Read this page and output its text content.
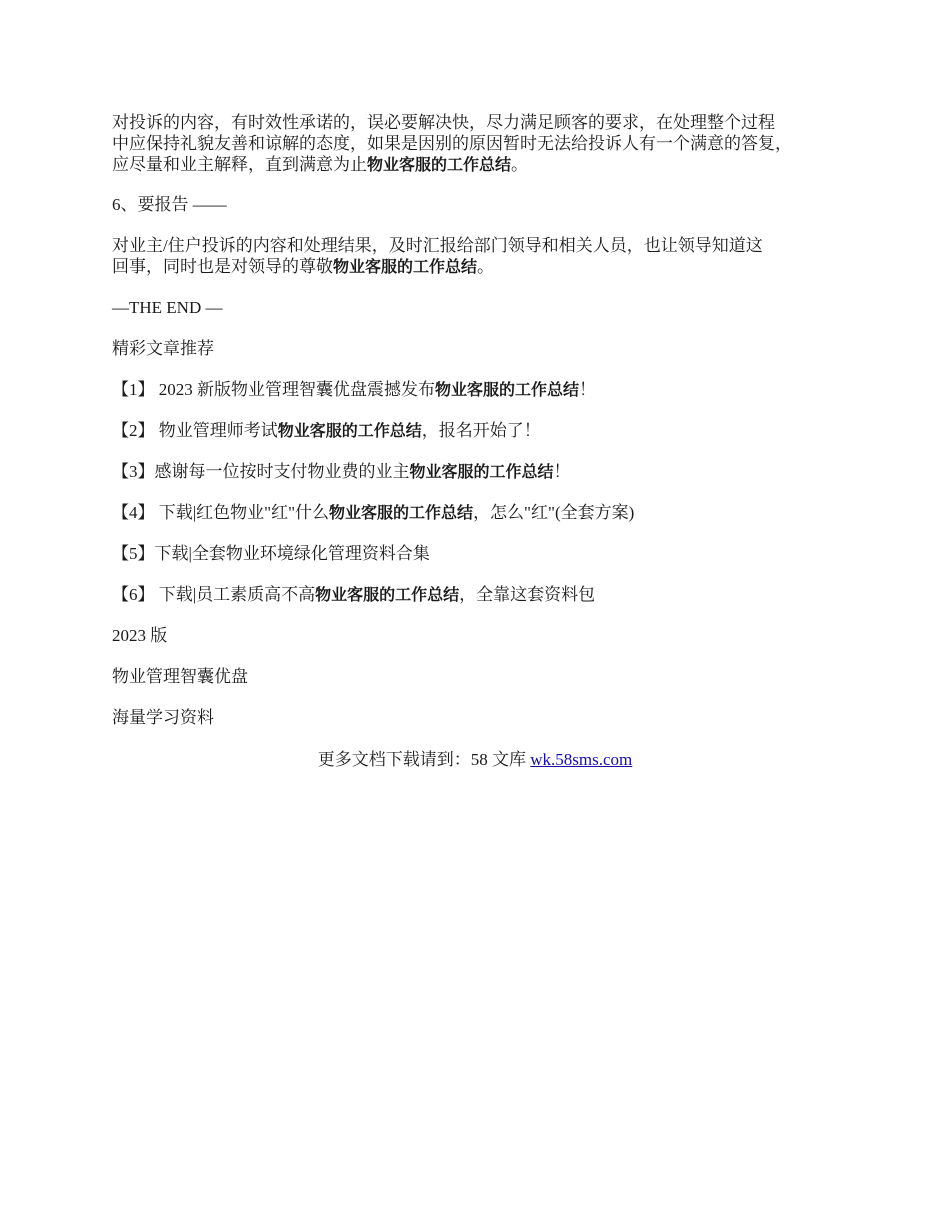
对投诉的内容，有时效性承诺的，误必要解决快，尽力满足顾客的要求，在处理整个过程
中应保持礼貌友善和谅解的态度，如果是因别的原因暂时无法给投诉人有一个满意的答复，
应尽量和业主解释，直到满意为止物业客服的工作总结。

6、要报告 ——

对业主/住户投诉的内容和处理结果，及时汇报给部门领导和相关人员，也让领导知道这
回事，同时也是对领导的尊敬物业客服的工作总结。

—THE END —

精彩文章推荐

【1】 2023 新版物业管理智囊优盘震撼发布物业客服的工作总结！

【2】 物业管理师考试物业客服的工作总结，报名开始了！

【3】感谢每一位按时支付物业费的业主物业客服的工作总结！

【4】 下载|红色物业"红"什么物业客服的工作总结，怎么"红"(全套方案)

【5】下载|全套物业环境绿化管理资料合集

【6】 下载|员工素质高不高物业客服的工作总结，全靠这套资料包

2023 版

物业管理智囊优盘

海量学习资料

更多文档下载请到：58 文库 wk.58sms.com
